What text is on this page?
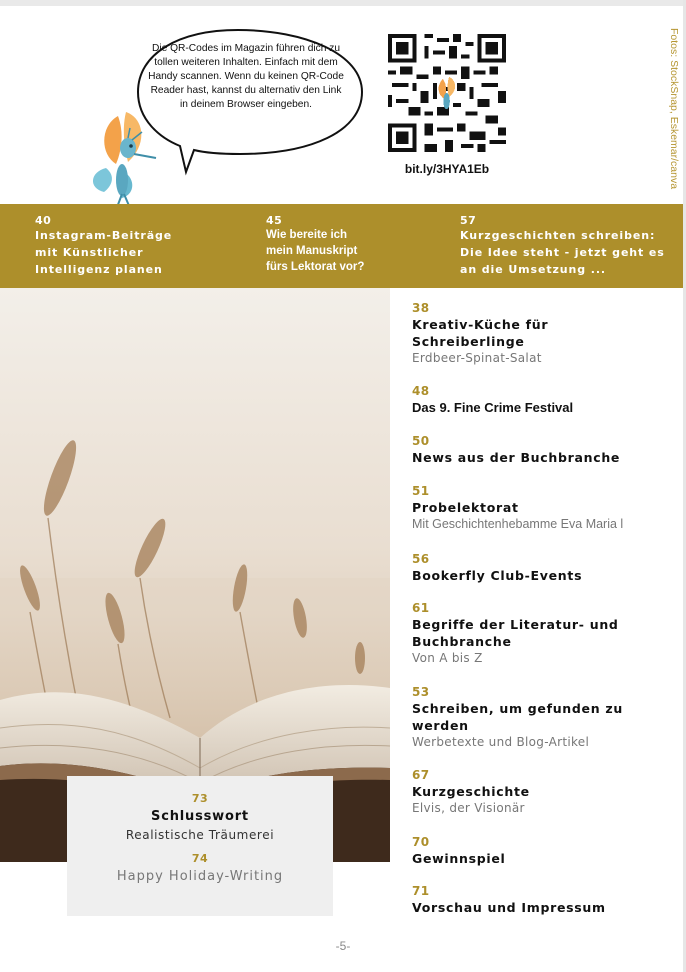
Die QR-Codes im Magazin führen dich zu tollen weiteren Inhalten. Einfach mit dem Handy scannen. Wenn du keinen QR-Code Reader hast, kannst du alternativ den Link in deinem Browser eingeben.
bit.ly/3HYA1Eb	Fotos: StockSnap, Eskemar/canva
40
Instagram-Beiträge
mit Künstlicher
Intelligenz planen
45
Wie bereite ich
mein Manuskript
fürs Lektorat vor?
57
Kurzgeschichten schreiben:
Die Idee steht - jetzt geht es
an die Umsetzung ...
73
Schlusswort
Realistische Träumerei
74
Happy Holiday-Writing
38
Kreativ-Küche für
Schreiberlinge
Erdbeer-Spinat-Salat
48
Das 9. Fine Crime Festival
50
News aus der Buchbranche
51
Probelektorat
Mit Geschichtenhebamme Eva Maria l
56
Bookerfly Club-Events
61
Begriffe der Literatur- und
Buchbranche
Von A bis Z
53
Schreiben, um gefunden zu
werden
Werbetexte und Blog-Artikel
67
Kurzgeschichte
Elvis, der Visionär
70
Gewinnspiel
71
Vorschau und Impressum
-5-
